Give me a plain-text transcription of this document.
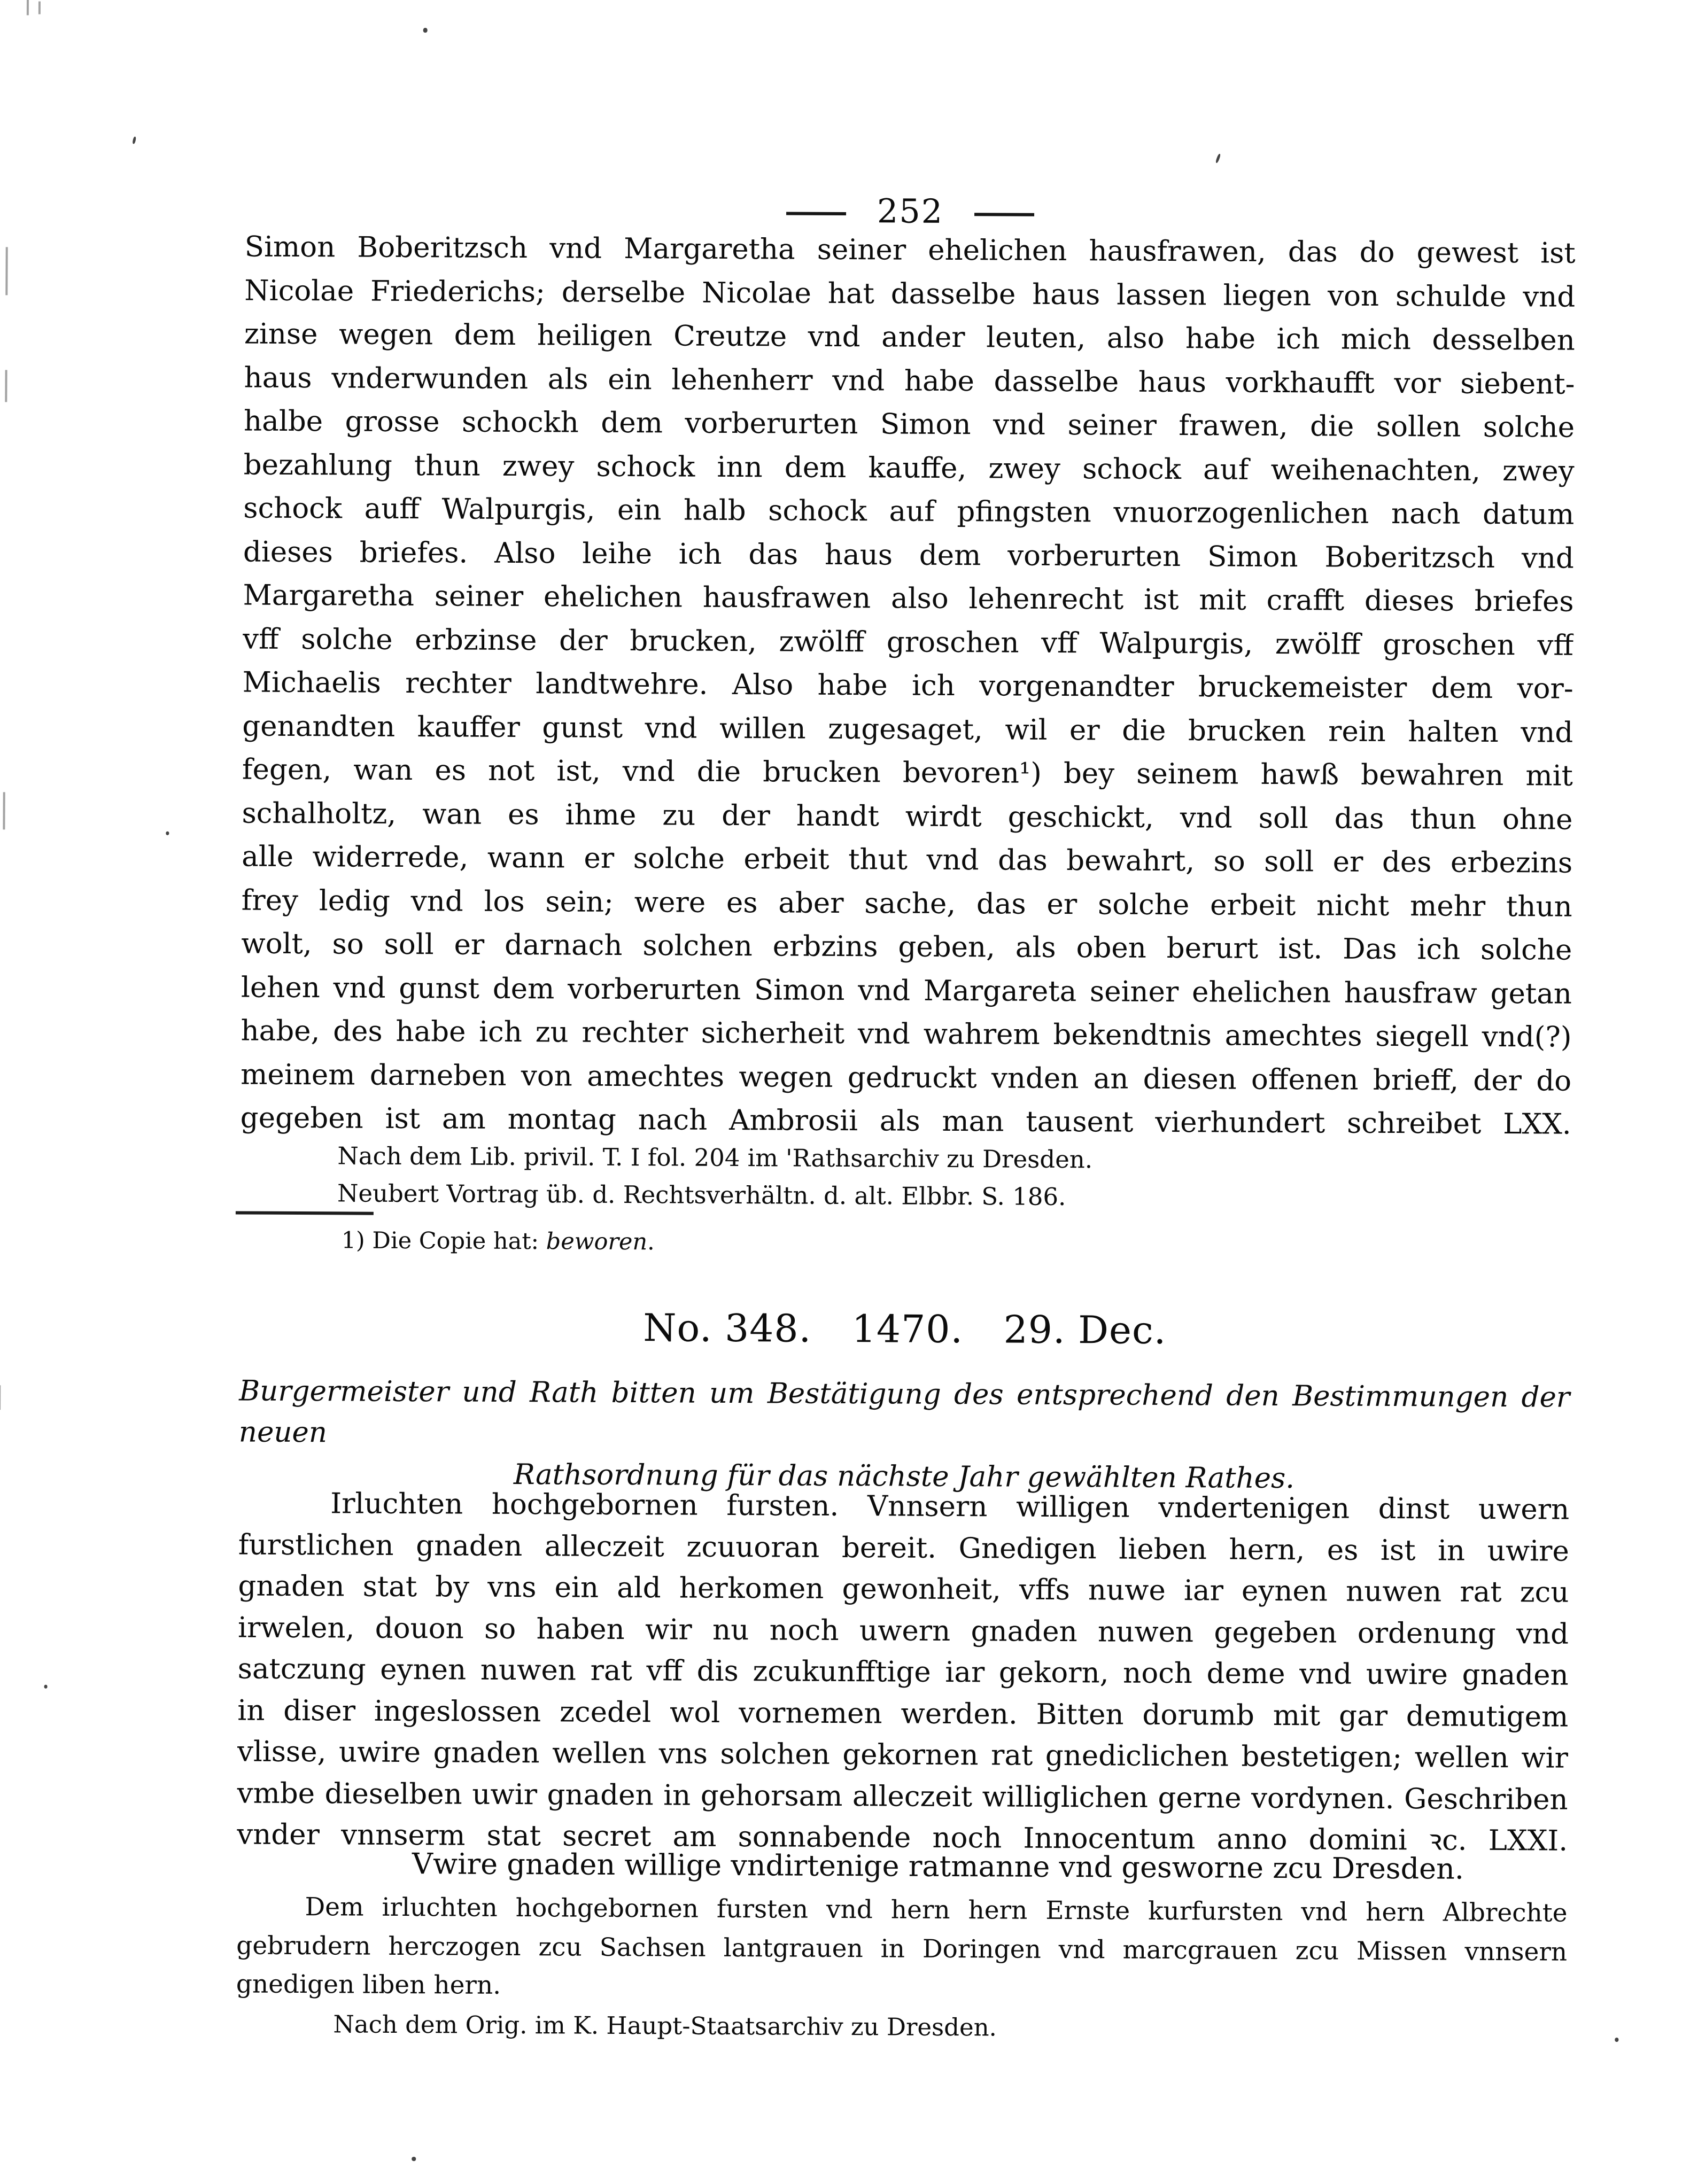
252
Simon Boberitzsch vnd Margaretha seiner ehelichen hausfrawen, das do gewest ist
Nicolae Friederichs; derselbe Nicolae hat dasselbe haus lassen liegen von schulde vnd
zinse wegen dem heiligen Creutze vnd ander leuten, also habe ich mich desselben
haus vnderwunden als ein lehenherr vnd habe dasselbe haus vorkhaufft vor siebent-
halbe grosse schockh dem vorberurten Simon vnd seiner frawen, die sollen solche
bezahlung thun zwey schock inn dem kauffe, zwey schock auf weihenachten, zwey
schock auff Walpurgis, ein halb schock auf pfingsten vnuorzogenlichen nach datum
dieses briefes. Also leihe ich das haus dem vorberurten Simon Boberitzsch vnd
Margaretha seiner ehelichen hausfrawen also lehenrecht ist mit crafft dieses briefes
vff solche erbzinse der brucken, zwölff groschen vff Walpurgis, zwölff groschen vff
Michaelis rechter landtwehre. Also habe ich vorgenandter bruckemeister dem vor-
genandten kauffer gunst vnd willen zugesaget, wil er die brucken rein halten vnd
fegen, wan es not ist, vnd die brucken bevoren¹) bey seinem hawß bewahren mit
schalholtz, wan es ihme zu der handt wirdt geschickt, vnd soll das thun ohne
alle widerrede, wann er solche erbeit thut vnd das bewahrt, so soll er des erbezins
frey ledig vnd los sein; were es aber sache, das er solche erbeit nicht mehr thun
wolt, so soll er darnach solchen erbzins geben, als oben berurt ist. Das ich solche
lehen vnd gunst dem vorberurten Simon vnd Margareta seiner ehelichen hausfraw getan
habe, des habe ich zu rechter sicherheit vnd wahrem bekendtnis amechtes siegell vnd(?)
meinem darneben von amechtes wegen gedruckt vnden an diesen offenen brieff, der do
gegeben ist am montag nach Ambrosii als man tausent vierhundert schreibet LXX.
Nach dem Lib. privil. T. I fol. 204 im 'Rathsarchiv zu Dresden.
Neubert Vortrag üb. d. Rechtsverhältn. d. alt. Elbbr. S. 186.
1) Die Copie hat: beworen.
No. 348. 1470. 29. Dec.
Burgermeister und Rath bitten um Bestätigung des entsprechend den Bestimmungen der neuen
Rathsordnung für das nächste Jahr gewählten Rathes.
Irluchten hochgebornen fursten. Vnnsern willigen vndertenigen dinst uwern
furstlichen gnaden alleczeit zcuuoran bereit. Gnedigen lieben hern, es ist in uwire
gnaden stat by vns ein ald herkomen gewonheit, vffs nuwe iar eynen nuwen rat zcu
irwelen, douon so haben wir nu noch uwern gnaden nuwen gegeben ordenung vnd
satczung eynen nuwen rat vff dis zcukunfftige iar gekorn, noch deme vnd uwire gnaden
in diser ingeslossen zcedel wol vornemen werden. Bitten dorumb mit gar demutigem
vlisse, uwire gnaden wellen vns solchen gekornen rat gnediclichen bestetigen; wellen wir
vmbe dieselben uwir gnaden in gehorsam alleczeit williglichen gerne vordynen. Geschriben
vnder vnnserm stat secret am sonnabende noch Innocentum anno domini ꝛc. LXXI.
Vwire gnaden willige vndirtenige ratmanne vnd gesworne zcu Dresden.
Dem irluchten hochgebornen fursten vnd hern hern Ernste kurfursten vnd hern Albrechte
gebrudern herczogen zcu Sachsen lantgrauen in Doringen vnd marcgrauen zcu Missen vnnsern
gnedigen liben hern.
Nach dem Orig. im K. Haupt-Staatsarchiv zu Dresden.
